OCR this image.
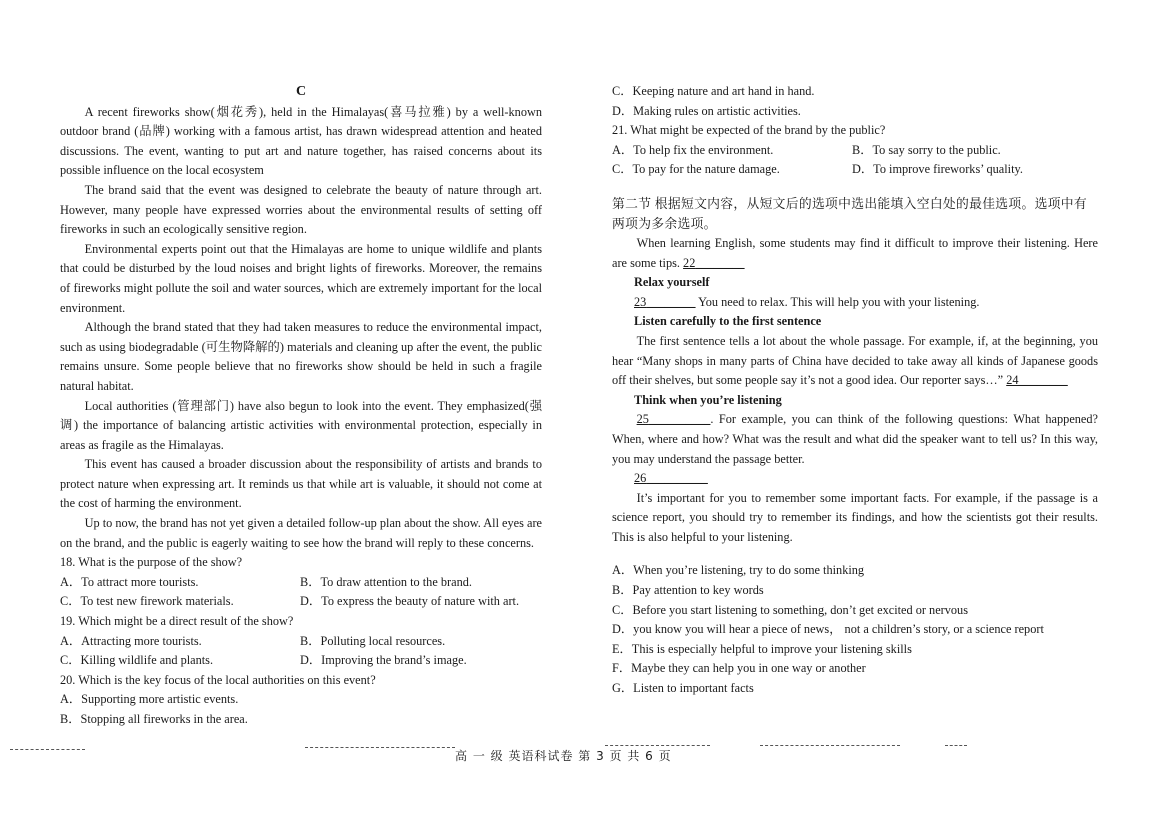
C

A recent fireworks show(烟花秀), held in the Himalayas(喜马拉雅) by a well-known outdoor brand (品牌) working with a famous artist, has drawn widespread attention and heated discussions. The event, wanting to put art and nature together, has raised concerns about its possible influence on the local ecosystem

The brand said that the event was designed to celebrate the beauty of nature through art. However, many people have expressed worries about the environmental results of setting off fireworks in such an ecologically sensitive region.

Environmental experts point out that the Himalayas are home to unique wildlife and plants that could be disturbed by the loud noises and bright lights of fireworks. Moreover, the remains of fireworks might pollute the soil and water sources, which are extremely important for the local environment.

Although the brand stated that they had taken measures to reduce the environmental impact, such as using biodegradable (可生物降解的) materials and cleaning up after the event, the public remains unsure. Some people believe that no fireworks show should be held in such a fragile natural habitat.

Local authorities (管理部门) have also begun to look into the event. They emphasized(强调) the importance of balancing artistic activities with environmental protection, especially in areas as fragile as the Himalayas.

This event has caused a broader discussion about the responsibility of artists and brands to protect nature when expressing art. It reminds us that while art is valuable, it should not come at the cost of harming the environment.

Up to now, the brand has not yet given a detailed follow-up plan about the show. All eyes are on the brand, and the public is eagerly waiting to see how the brand will reply to these concerns.

18. What is the purpose of the show?

A．To attract more tourists.	B．To draw attention to the brand.
C．To test new firework materials.	D．To express the beauty of nature with art.

19. Which might be a direct result of the show?

A．Attracting more tourists.	B．Polluting local resources.
C．Killing wildlife and plants.	D．Improving the brand’s image.

20. Which is the key focus of the local authorities on this event?

A．Supporting more artistic events.

B．Stopping all fireworks in the area.

C．Keeping nature and art hand in hand.

D．Making rules on artistic activities.

21. What might be expected of the brand by the public?

A．To help fix the environment.	B．To say sorry to the public.
C．To pay for the nature damage.	D．To improve fireworks’ quality.

第二节 根据短文内容，从短文后的选项中选出能填入空白处的最佳选项。选项中有两项为多余选项。

When learning English, some students may find it difficult to improve their listening. Here are some tips. 22________

Relax yourself

23________ You need to relax. This will help you with your listening.

Listen carefully to the first sentence

The first sentence tells a lot about the whole passage. For example, if, at the beginning, you hear “Many shops in many parts of China have decided to take away all kinds of Japanese goods off their shelves, but some people say it’s not a good idea. Our reporter says…” 24________

Think when you’re listening

25__________. For example, you can think of the following questions: What happened? When, where and how? What was the result and what did the speaker want to tell us? In this way, you may understand the passage better.

26__________

It’s important for you to remember some important facts. For example, if the passage is a science report, you should try to remember its findings, and how the scientists got their results. This is also helpful to your listening.

A．When you’re listening, try to do some thinking

B．Pay attention to key words

C．Before you start listening to something, don’t get excited or nervous

D．you know you will hear a piece of news， not a children’s story, or a science report

E．This is especially helpful to improve your listening skills

F．Maybe they can help you in one way or another

G．Listen to important facts

高 一 级 英语科试卷 第 3 页 共 6 页
